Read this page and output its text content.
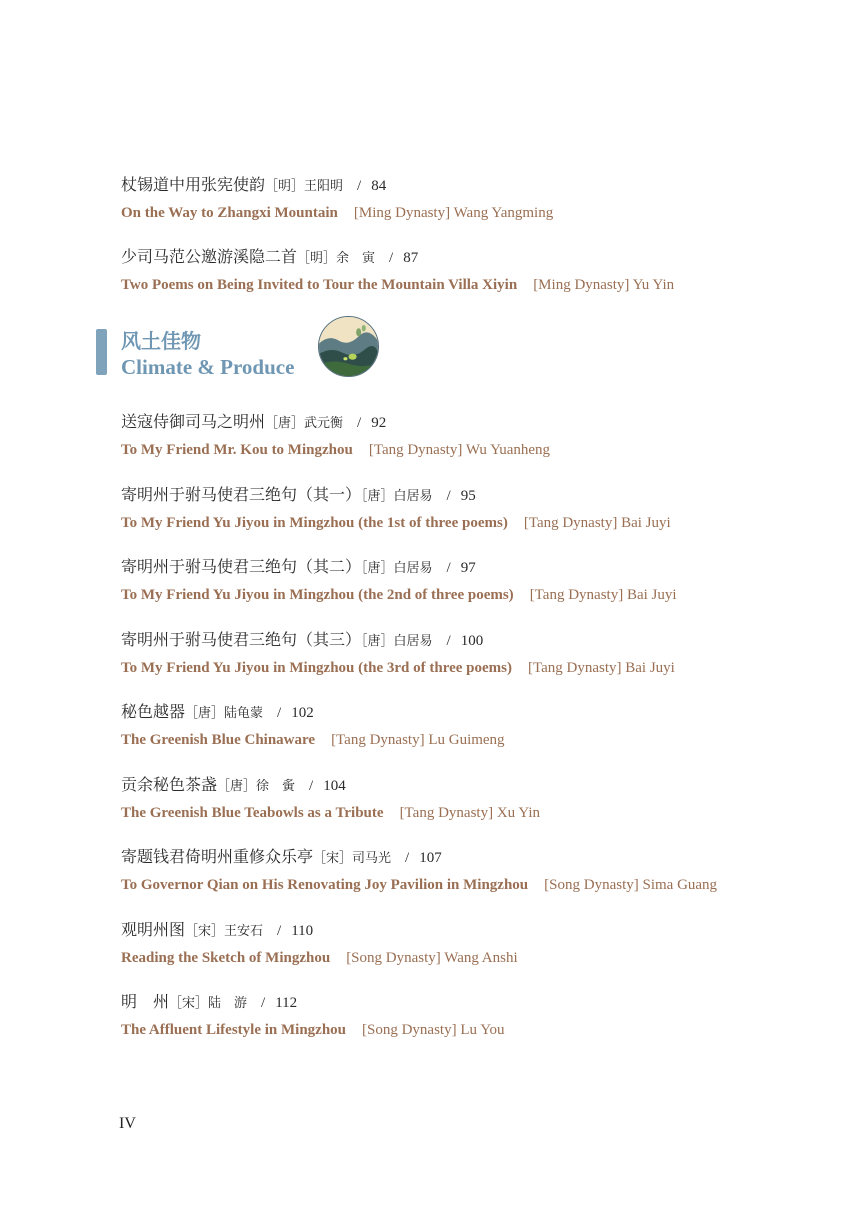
杖锡道中用张宪使韵［明］王阳明 / 84
On the Way to Zhangxi Mountain [Ming Dynasty] Wang Yangming
少司马范公邀游溪隐二首［明］余　寅 / 87
Two Poems on Being Invited to Tour the Mountain Villa Xiyin [Ming Dynasty] Yu Yin
风土佳物
Climate & Produce
送寇侍御司马之明州［唐］武元衡 / 92
To My Friend Mr. Kou to Mingzhou [Tang Dynasty] Wu Yuanheng
寄明州于驸马使君三绝句（其一）［唐］白居易 / 95
To My Friend Yu Jiyou in Mingzhou (the 1st of three poems) [Tang Dynasty] Bai Juyi
寄明州于驸马使君三绝句（其二）［唐］白居易 / 97
To My Friend Yu Jiyou in Mingzhou (the 2nd of three poems) [Tang Dynasty] Bai Juyi
寄明州于驸马使君三绝句（其三）［唐］白居易 / 100
To My Friend Yu Jiyou in Mingzhou (the 3rd of three poems) [Tang Dynasty] Bai Juyi
秘色越器［唐］陆龟蒙 / 102
The Greenish Blue Chinaware [Tang Dynasty] Lu Guimeng
贡余秘色茶盏［唐］徐　夤 / 104
The Greenish Blue Teabowls as a Tribute [Tang Dynasty] Xu Yin
寄题钱君倚明州重修众乐亭［宋］司马光 / 107
To Governor Qian on His Renovating Joy Pavilion in Mingzhou [Song Dynasty] Sima Guang
观明州图［宋］王安石 / 110
Reading the Sketch of Mingzhou [Song Dynasty] Wang Anshi
明　州［宋］陆　游 / 112
The Affluent Lifestyle in Mingzhou [Song Dynasty] Lu You
IV
